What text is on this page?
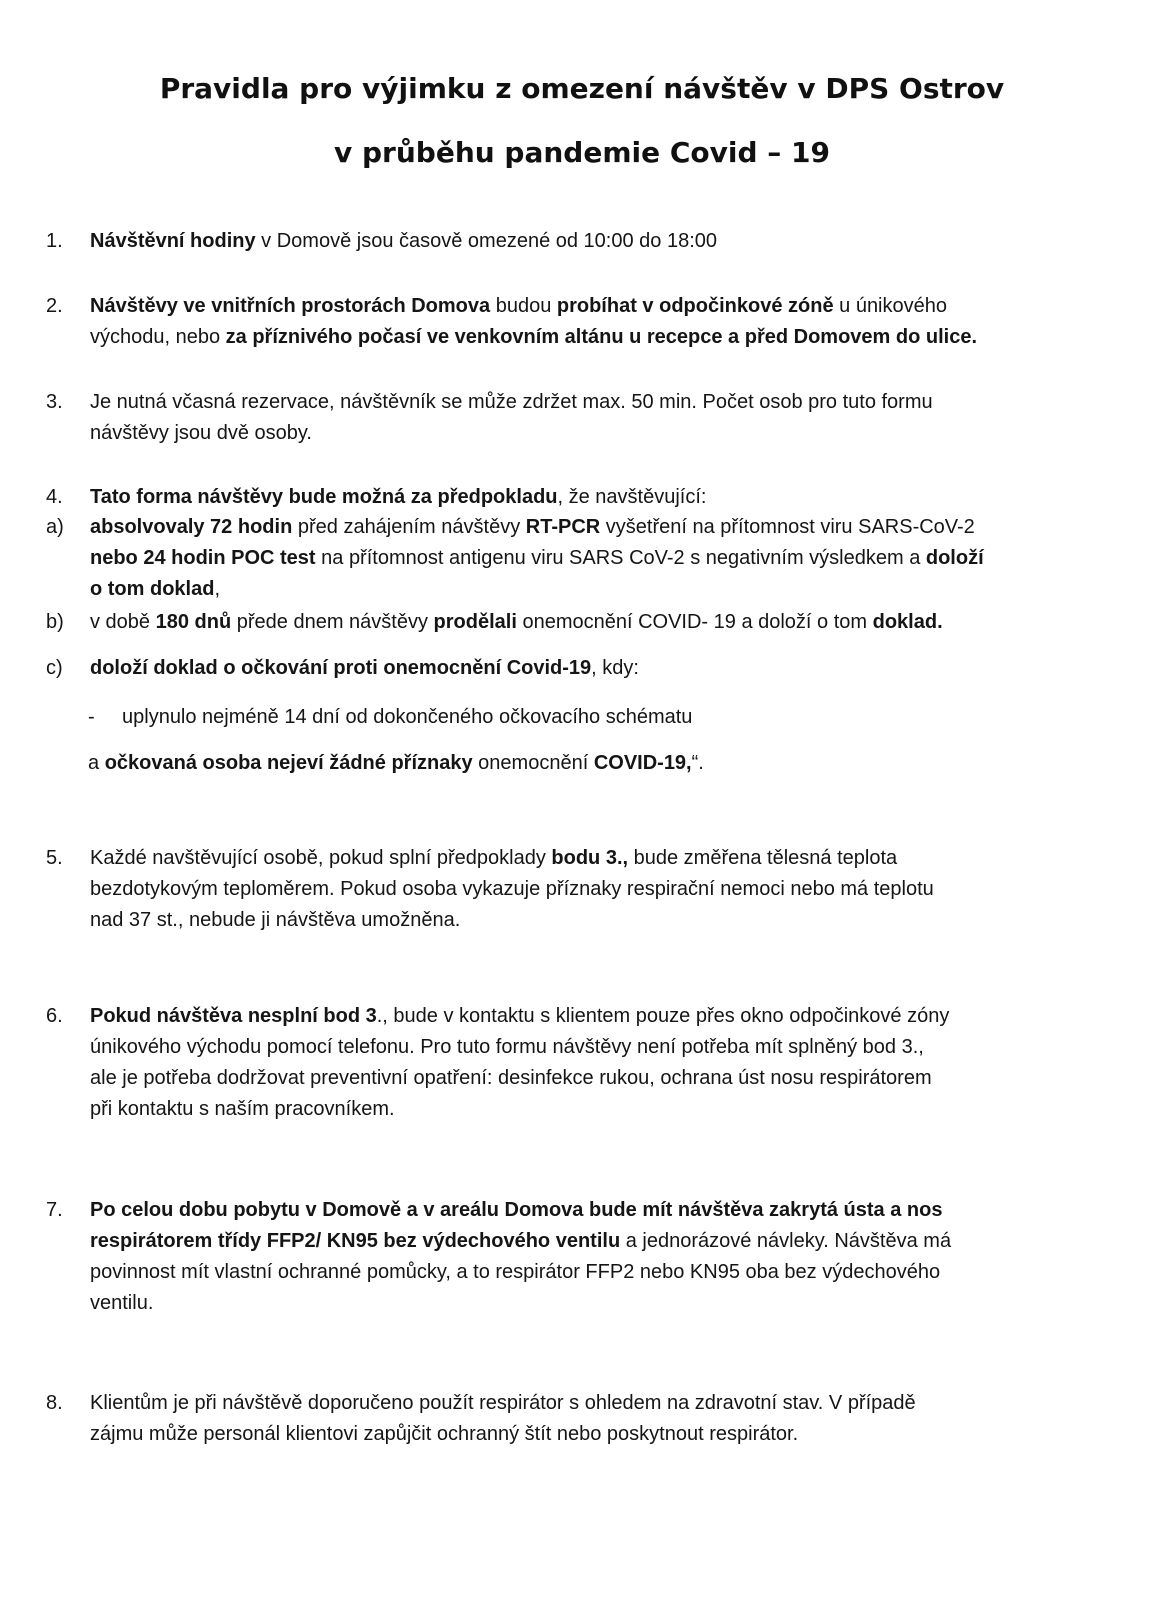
Pravidla pro výjimku z omezení návštěv v DPS Ostrov
v průběhu pandemie Covid – 19
1. Návštěvní hodiny v Domově jsou časově omezené od 10:00 do 18:00
2. Návštěvy ve vnitřních prostorách Domova budou probíhat v odpočinkové zóně u únikového
východu, nebo za příznivého počasí ve venkovním altánu u recepce a před Domovem do ulice.
3. Je nutná včasná rezervace, návštěvník se může zdržet max. 50 min. Počet osob pro tuto formu
návštěvy jsou dvě osoby.
4. Tato forma návštěvy bude možná za předpokladu, že navštěvující:
a) absolvovaly 72 hodin před zahájením návštěvy RT-PCR vyšetření na přítomnost viru SARS-CoV-2
nebo 24 hodin POC test na přítomnost antigenu viru SARS CoV-2 s negativním výsledkem a doloží
o tom doklad,
b) v době 180 dnů přede dnem návštěvy prodělali onemocnění COVID- 19 a doloží o tom doklad.
c) doloží doklad o očkování proti onemocnění Covid-19, kdy:
- uplynulo nejméně 14 dní od dokončeného očkovacího schématu
a očkovaná osoba nejeví žádné příznaky onemocnění COVID-19,“.
5. Každé navštěvující osobě, pokud splní předpoklady bodu 3., bude změřena tělesná teplota
bezdotykovým teploměrem. Pokud osoba vykazuje příznaky respirační nemoci nebo má teplotu
nad 37 st., nebude ji návštěva umožněna.
6. Pokud návštěva nesplní bod 3., bude v kontaktu s klientem pouze přes okno odpočinkové zóny
únikového východu pomocí telefonu. Pro tuto formu návštěvy není potřeba mít splněný bod 3.,
ale je potřeba dodržovat preventivní opatření: desinfekce rukou, ochrana úst nosu respirátorem
při kontaktu s naším pracovníkem.
7. Po celou dobu pobytu v Domově a v areálu Domova bude mít návštěva zakrytá ústa a nos
respirátorem třídy FFP2/ KN95 bez výdechového ventilu a jednorázové návleky. Návštěva má
povinnost mít vlastní ochranné pomůcky, a to respirátor FFP2 nebo KN95 oba bez výdechového
ventilu.
8. Klientům je při návštěvě doporučeno použít respirátor s ohledem na zdravotní stav. V případě
zájmu může personál klientovi zapůjčit ochranný štít nebo poskytnout respirátor.
